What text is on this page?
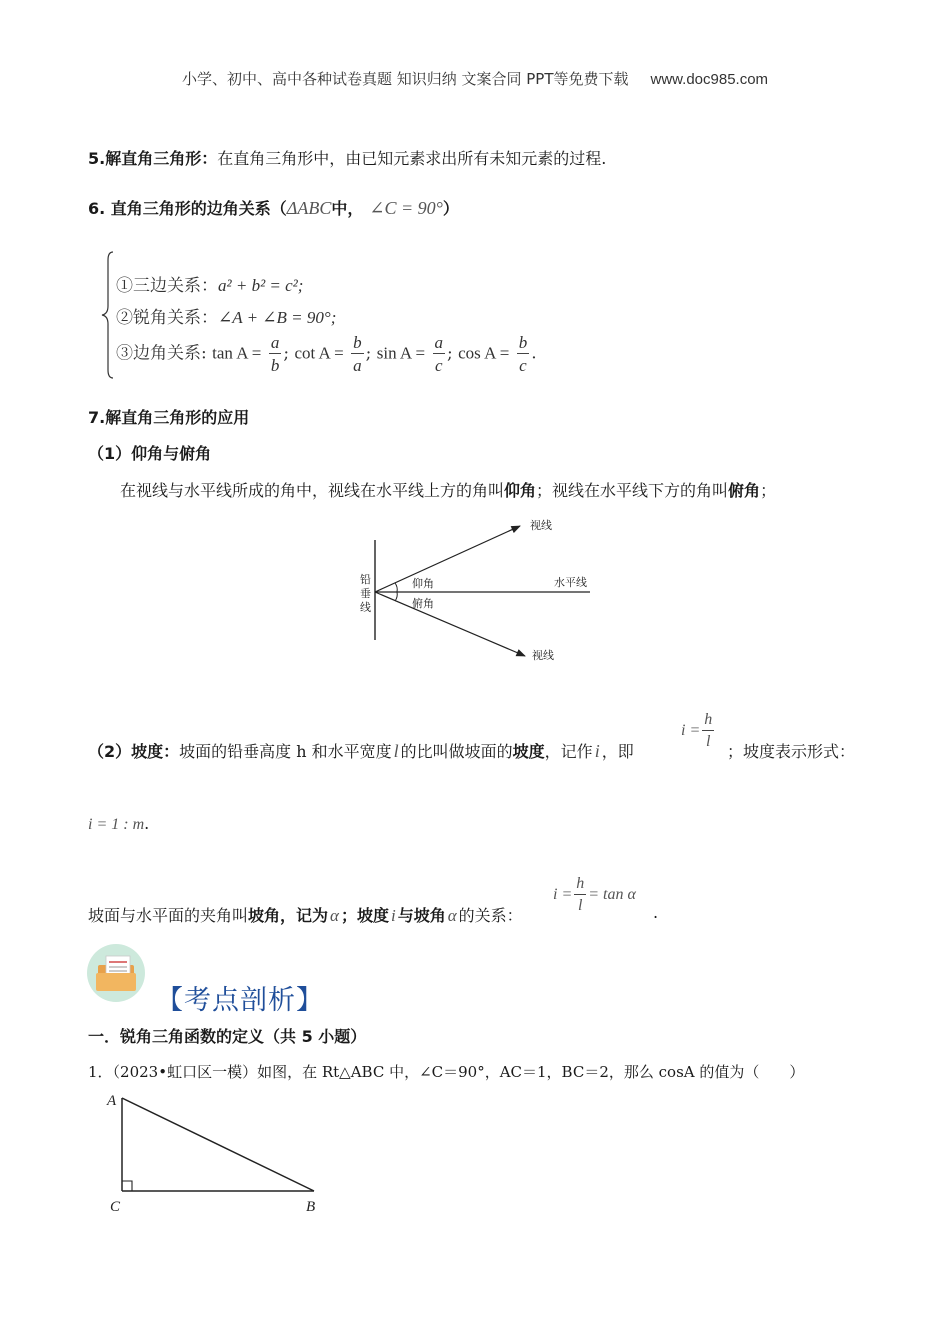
小学、初中、高中各种试卷真题 知识归纳 文案合同 PPT等免费下载 www.doc985.com
5.解直角三角形：在直角三角形中，由已知元素求出所有未知元素的过程.
6. 直角三角形的边角关系（ΔABC中， ∠C = 90°）
①三边关系：a² + b² = c²;
②锐角关系：∠A + ∠B = 90°;
③边角关系: $\tan A = \frac{a}{b}$ ; $\cot A = \frac{b}{a}$ ; $\sin A = \frac{a}{c}$ ; $\cos A = \frac{b}{c}$ .
7.解直角三角形的应用
（1）仰角与俯角
在视线与水平线所成的角中，视线在水平线上方的角叫仰角；视线在水平线下方的角叫俯角；
视线
视线
水平线
仰角
俯角
铅
垂
线
（2）坡度：坡面的铅垂高度 h 和水平宽度 l 的比叫做坡面的坡度，记作 i ，即
$i = \frac{h}{l}$
；坡度表示形式：
i = 1 : m.
坡面与水平面的夹角叫坡角，记为 α ；坡度 i 与坡角 α 的关系：
$i = \frac{h}{l} = \tan \alpha$
.
【考点剖析】
一．锐角三角函数的定义（共 5 小题）
1．（2023•虹口区一模）如图，在 Rt△ABC 中，∠C＝90°，AC＝1，BC＝2，那么 cosA 的值为（　　）
A
C	B
